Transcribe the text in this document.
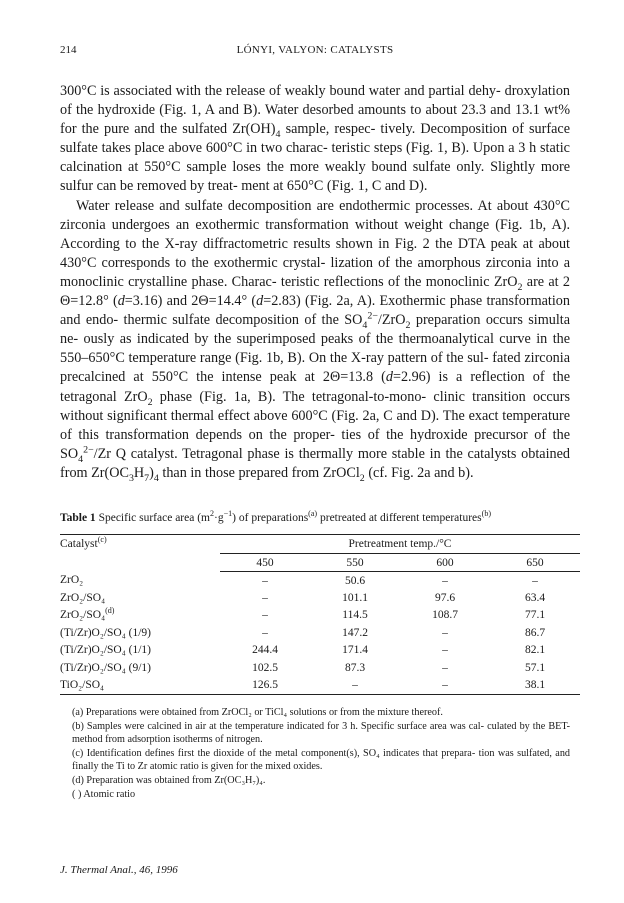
214	LÓNYI, VALYON: CATALYSTS

300°C is associated with the release of weakly bound water and partial dehy- droxylation of the hydroxide (Fig. 1, A and B). Water desorbed amounts to about 23.3 and 13.1 wt% for the pure and the sulfated $Zr(OH)_4$ sample, respec- tively. Decomposition of surface sulfate takes place above 600°C in two charac- teristic steps (Fig. 1, B). Upon a 3 h static calcination at 550°C sample loses the more weakly bound sulfate only. Slightly more sulfur can be removed by treat- ment at 650°C (Fig. 1, C and D).

Water release and sulfate decomposition are endothermic processes. At about 430°C zirconia undergoes an exothermic transformation without weight change (Fig. 1b, A). According to the X-ray diffractometric results shown in Fig. 2 the DTA peak at about 430°C corresponds to the exothermic crystal- lization of the amorphous zirconia into a monoclinic crystalline phase. Charac- teristic reflections of the monoclinic ZrO$_2$ are at 2 Θ=12.8° (d=3.16) and 2Θ=14.4° (d=2.83) (Fig. 2a, A). Exothermic phase transformation and endo- thermic sulfate decomposition of the $SO_4^{2-}/ZrO_2$ preparation occurs simulta ne- ously as indicated by the superimposed peaks of the thermoanalytical curve in the 550–650°C temperature range (Fig. 1b, B). On the X-ray pattern of the sul- fated zirconia precalcined at 550°C the intense peak at 2Θ=13.8 (d=2.96) is a reflection of the tetragonal ZrO$_2$ phase (Fig. 1a, B). The tetragonal-to-mono- clinic transition occurs without significant thermal effect above 600°C (Fig. 2a, C and D). The exact temperature of this transformation depends on the proper- ties of the hydroxide precursor of the $SO_4^{2-}/Zr$ Q catalyst. Tetragonal phase is thermally more stable in the catalysts obtained from $Zr(OC_3H_7)_4$ than in those prepared from ZrOCl$_2$ (cf. Fig. 2a and b).

Table 1 Specific surface area $(m^2\cdot g^{-1})$ of preparations$^{(a)}$ pretreated at different temperatures$^{(b)}$
Catalyst$^{(c)}$	Pretreatment temp./°C			
	450	550	600	650
ZrO₂	–	50.6	–	–
ZrO₂/SO₄	–	101.1	97.6	63.4
ZrO₂/SO₄$^{(d)}$	–	114.5	108.7	77.1
(Ti/Zr)O₂/SO₄ (1/9)	–	147.2	–	86.7
(Ti/Zr)O₂/SO₄ (1/1)	244.4	171.4	–	82.1
(Ti/Zr)O₂/SO₄ (9/1)	102.5	87.3	–	57.1
TiO₂/SO₄	126.5	–	–	38.1

(a) Preparations were obtained from ZrOCl₂ or TiCl₄ solutions or from the mixture thereof.

(b) Samples were calcined in air at the temperature indicated for 3 h. Specific surface area was cal- culated by the BET-method from adsorption isotherms of nitrogen.

(c) Identification defines first the dioxide of the metal component(s), SO₄ indicates that prepara- tion was sulfated, and finally the Ti to Zr atomic ratio is given for the mixed oxides.

(d) Preparation was obtained from Zr(OC₃H₇)₄.

( ) Atomic ratio

J. Thermal Anal., 46, 1996
